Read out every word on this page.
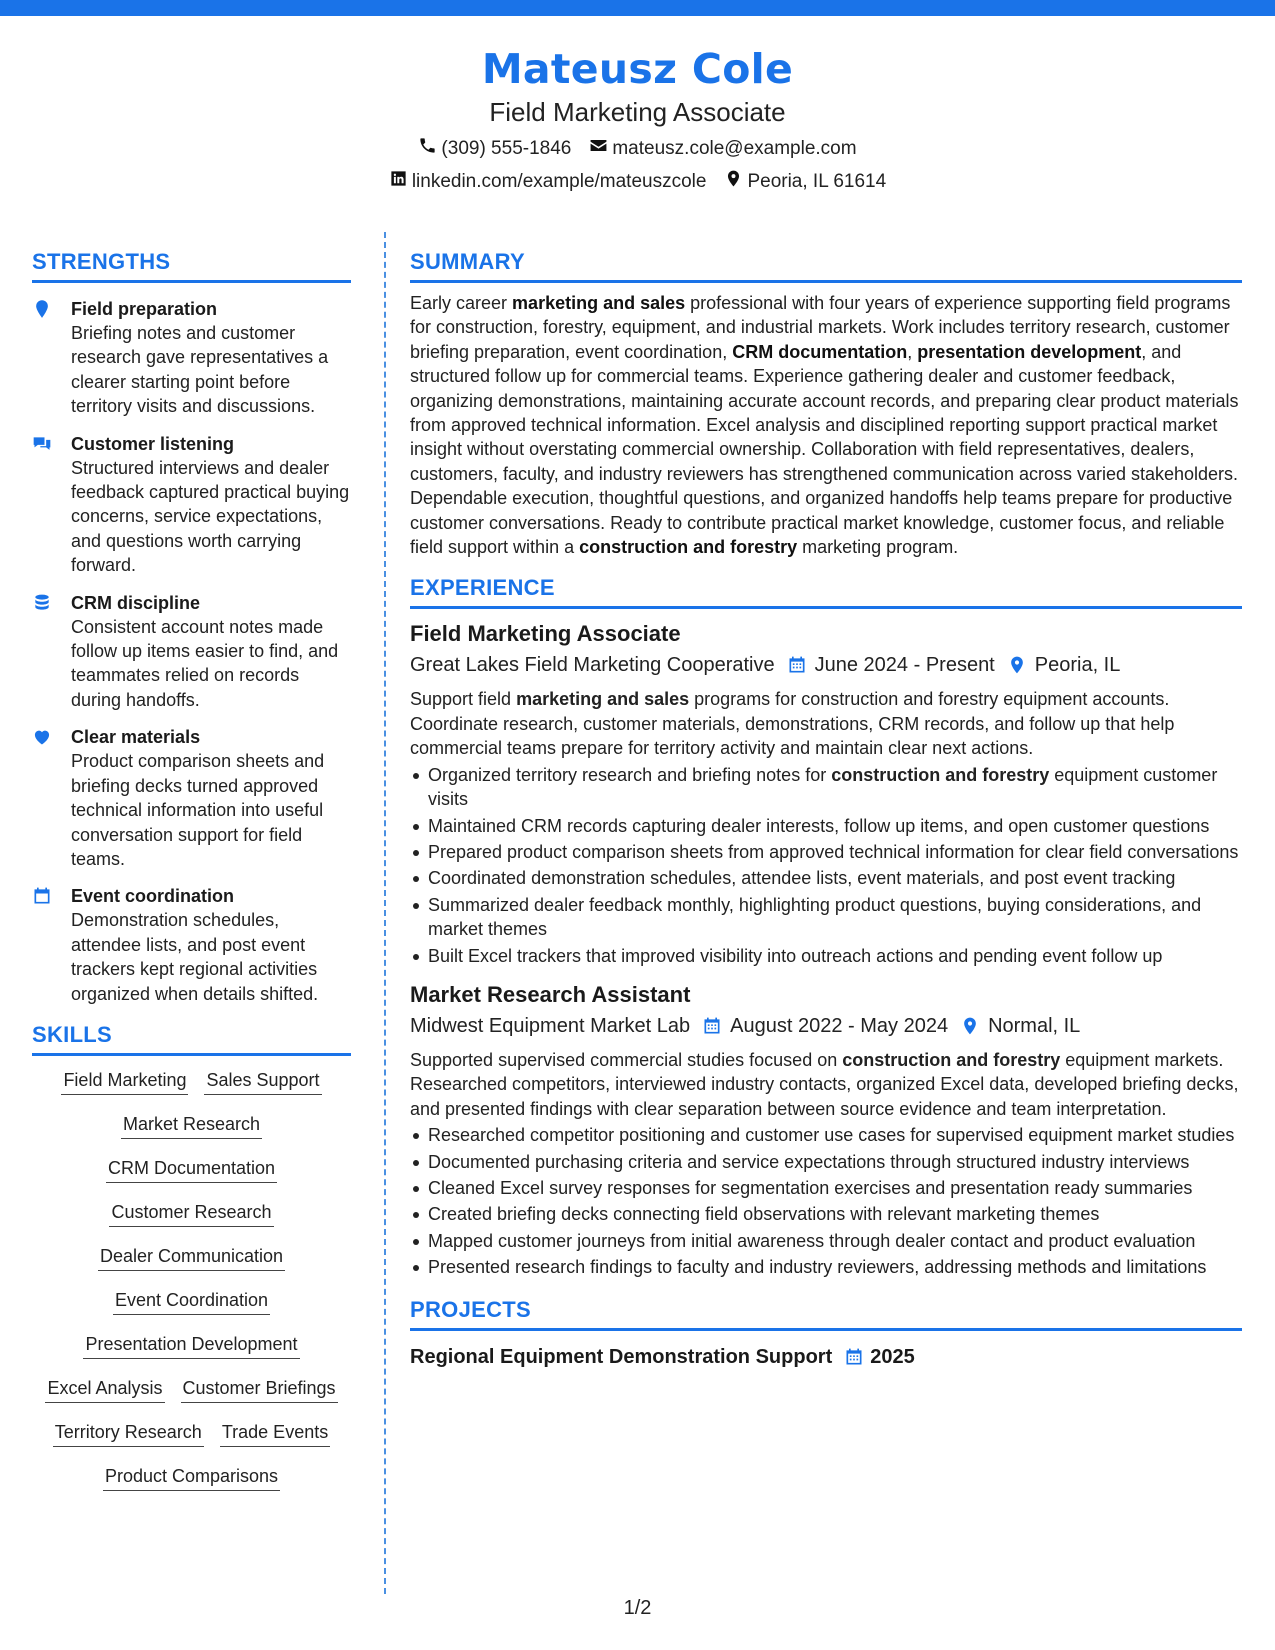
Mateusz Cole
Field Marketing Associate
(309) 555-1846 mateusz.cole@example.com
linkedin.com/example/mateuszcole Peoria, IL 61614
STRENGTHS
Field preparation
Briefing notes and customer research gave representatives a clearer starting point before territory visits and discussions.
Customer listening
Structured interviews and dealer feedback captured practical buying concerns, service expectations, and questions worth carrying forward.
CRM discipline
Consistent account notes made follow up items easier to find, and teammates relied on records during handoffs.
Clear materials
Product comparison sheets and briefing decks turned approved technical information into useful conversation support for field teams.
Event coordination
Demonstration schedules, attendee lists, and post event trackers kept regional activities organized when details shifted.
SKILLS
Field Marketing Sales Support
Market Research
CRM Documentation
Customer Research
Dealer Communication
Event Coordination
Presentation Development
Excel Analysis Customer Briefings
Territory Research Trade Events
Product Comparisons
SUMMARY

Early career marketing and sales professional with four years of experience supporting field programs for construction, forestry, equipment, and industrial markets. Work includes territory research, customer briefing preparation, event coordination, CRM documentation, presentation development, and structured follow up for commercial teams. Experience gathering dealer and customer feedback, organizing demonstrations, maintaining accurate account records, and preparing clear product materials from approved technical information. Excel analysis and disciplined reporting support practical market insight without overstating commercial ownership. Collaboration with field representatives, dealers, customers, faculty, and industry reviewers has strengthened communication across varied stakeholders. Dependable execution, thoughtful questions, and organized handoffs help teams prepare for productive customer conversations. Ready to contribute practical market knowledge, customer focus, and reliable field support within a construction and forestry marketing program.

EXPERIENCE
Field Marketing Associate
Great Lakes Field Marketing Cooperative June 2024 - Present Peoria, IL

Support field marketing and sales programs for construction and forestry equipment accounts. Coordinate research, customer materials, demonstrations, CRM records, and follow up that help commercial teams prepare for territory activity and maintain clear next actions.

Organized territory research and briefing notes for construction and forestry equipment customer visits
Maintained CRM records capturing dealer interests, follow up items, and open customer questions
Prepared product comparison sheets from approved technical information for clear field conversations
Coordinated demonstration schedules, attendee lists, event materials, and post event tracking
Summarized dealer feedback monthly, highlighting product questions, buying considerations, and market themes
Built Excel trackers that improved visibility into outreach actions and pending event follow up
Market Research Assistant
Midwest Equipment Market Lab August 2022 - May 2024 Normal, IL

Supported supervised commercial studies focused on construction and forestry equipment markets. Researched competitors, interviewed industry contacts, organized Excel data, developed briefing decks, and presented findings with clear separation between source evidence and team interpretation.

Researched competitor positioning and customer use cases for supervised equipment market studies
Documented purchasing criteria and service expectations through structured industry interviews
Cleaned Excel survey responses for segmentation exercises and presentation ready summaries
Created briefing decks connecting field observations with relevant marketing themes
Mapped customer journeys from initial awareness through dealer contact and product evaluation
Presented research findings to faculty and industry reviewers, addressing methods and limitations
PROJECTS
Regional Equipment Demonstration Support 2025
1/2
